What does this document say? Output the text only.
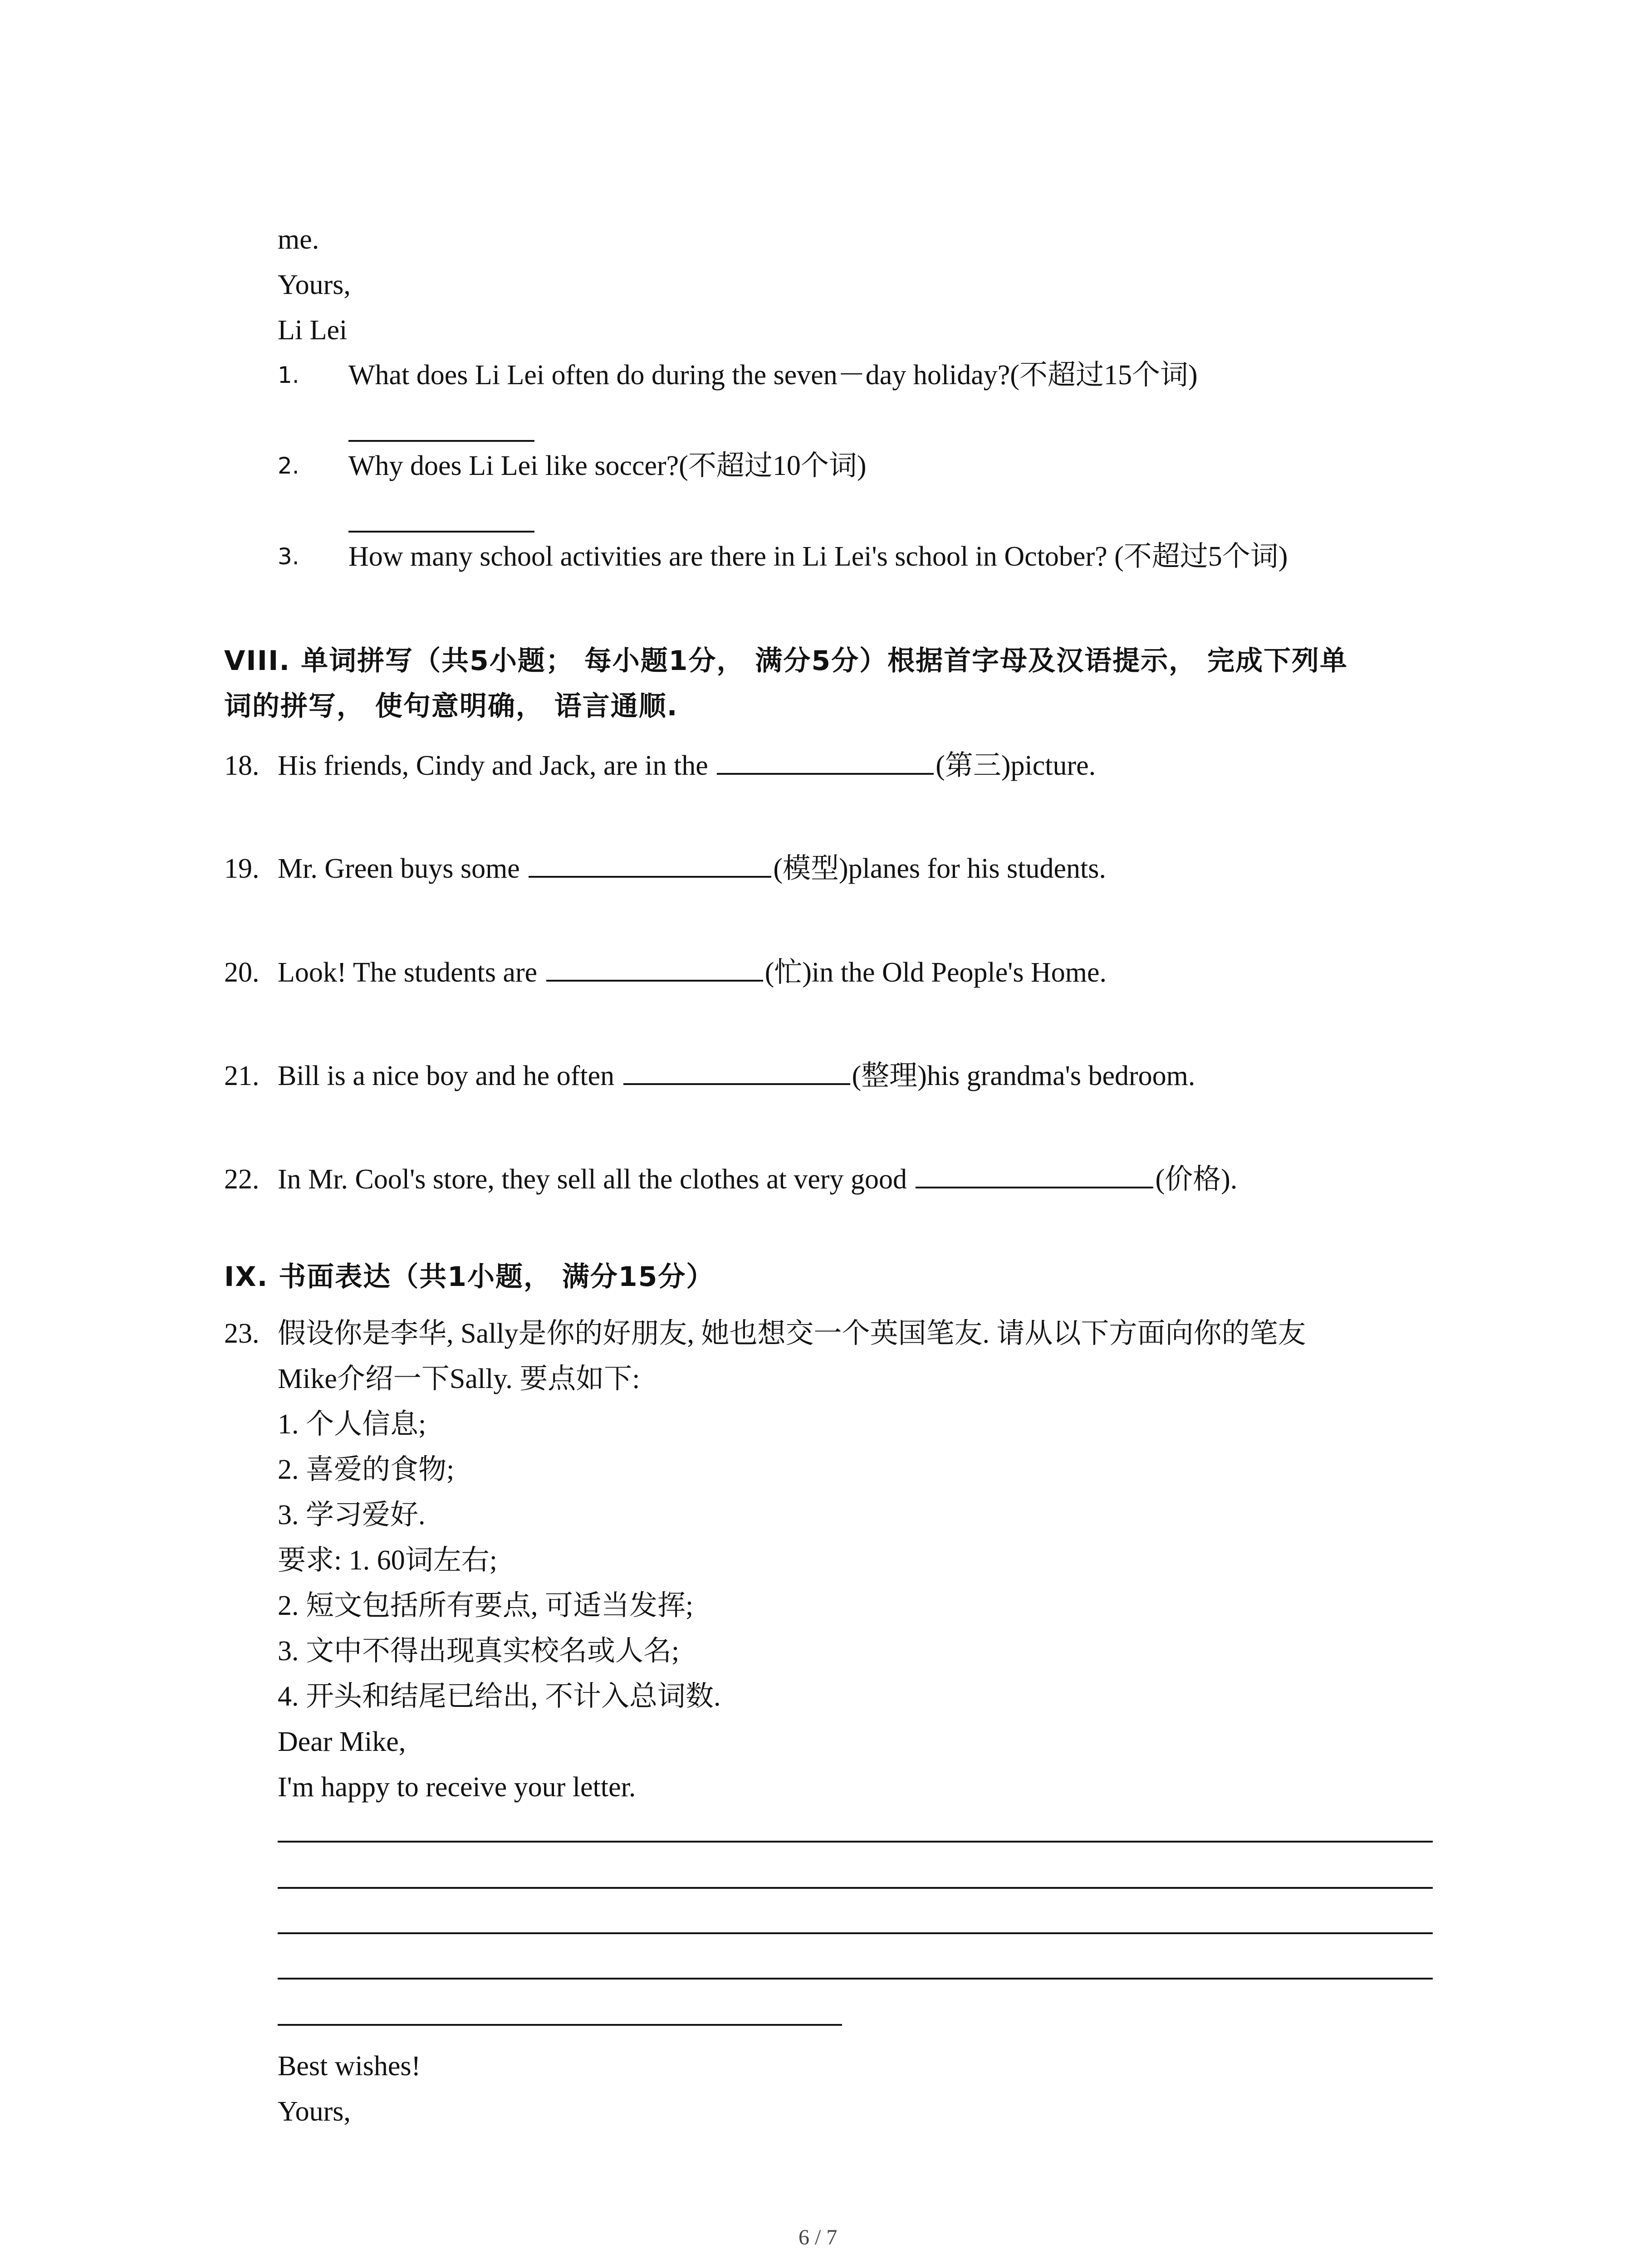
me.
Yours,
Li Lei
1. What does Li Lei often do during the seven－day holiday?(不超过15个词)
2. Why does Li Lei like soccer?(不超过10个词)
3. How many school activities are there in Li Lei's school in October? (不超过5个词)
VIII. 单词拼写（共5小题； 每小题1分， 满分5分）根据首字母及汉语提示， 完成下列单
词的拼写， 使句意明确， 语言通顺.
18. His friends, Cindy and Jack, are in the	(第三)picture.
19. Mr. Green buys some	(模型)planes for his students.
20. Look! The students are	(忙)in the Old People's Home.
21. Bill is a nice boy and he often	(整理)his grandma's bedroom.
22. In Mr. Cool's store, they sell all the clothes at very good	(价格).
IX. 书面表达（共1小题， 满分15分）
23. 假设你是李华, Sally是你的好朋友, 她也想交一个英国笔友. 请从以下方面向你的笔友
Mike介绍一下Sally. 要点如下:
1. 个人信息;
2. 喜爱的食物;
3. 学习爱好.
要求: 1. 60词左右;
2. 短文包括所有要点, 可适当发挥;
3. 文中不得出现真实校名或人名;
4. 开头和结尾已给出, 不计入总词数.
Dear Mike,
I'm happy to receive your letter.
Best wishes!
Yours,
6 / 7
